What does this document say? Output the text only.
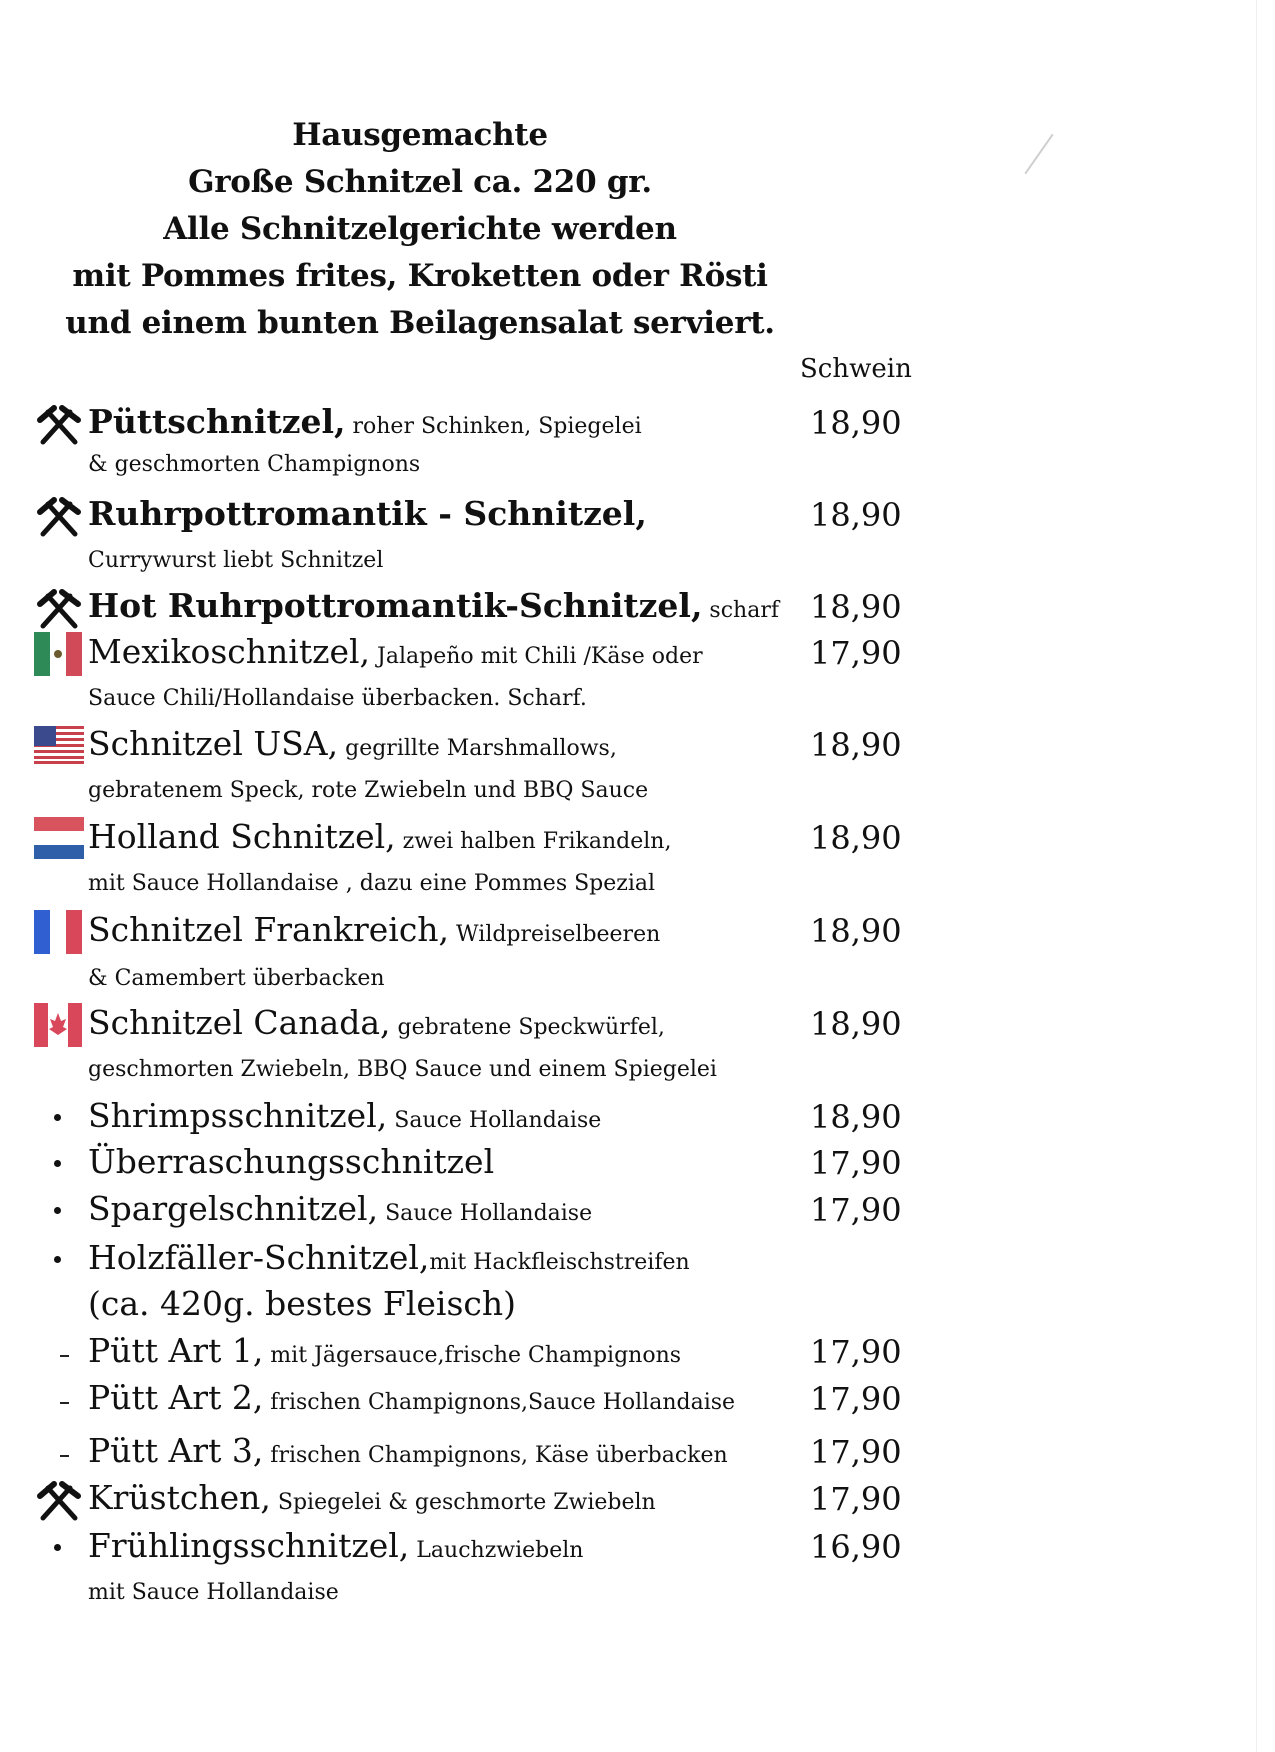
Hausgemachte
Große Schnitzel ca. 220 gr.
Alle Schnitzelgerichte werden
mit Pommes frites, Kroketten oder Rösti
und einem bunten Beilagensalat serviert.
Schwein
Püttschnitzel, roher Schinken, Spiegelei	18,90
& geschmorten Champignons
Ruhrpottromantik - Schnitzel,	18,90
Currywurst liebt Schnitzel
Hot Ruhrpottromantik-Schnitzel, scharf 18,90
Mexikoschnitzel, Jalapeño mit Chili /Käse oder	17,90
Sauce Chili/Hollandaise überbacken. Scharf.
Schnitzel USA, gegrillte Marshmallows,	18,90
gebratenem Speck, rote Zwiebeln und BBQ Sauce
Holland Schnitzel, zwei halben Frikandeln,	18,90
mit Sauce Hollandaise , dazu eine Pommes Spezial
Schnitzel Frankreich, Wildpreiselbeeren	18,90
& Camembert überbacken
Schnitzel Canada, gebratene Speckwürfel,	18,90
geschmorten Zwiebeln, BBQ Sauce und einem Spiegelei
Shrimpsschnitzel, Sauce Hollandaise	18,90
Überraschungsschnitzel	17,90
Spargelschnitzel, Sauce Hollandaise	17,90
Holzfäller-Schnitzel,mit Hackfleischstreifen
(ca. 420g. bestes Fleisch)
Pütt Art 1, mit Jägersauce,frische Champignons	17,90
Pütt Art 2, frischen Champignons,Sauce Hollandaise 17,90
Pütt Art 3, frischen Champignons, Käse überbacken	17,90
Krüstchen, Spiegelei & geschmorte Zwiebeln	17,90
Frühlingsschnitzel, Lauchzwiebeln	16,90
mit Sauce Hollandaise
